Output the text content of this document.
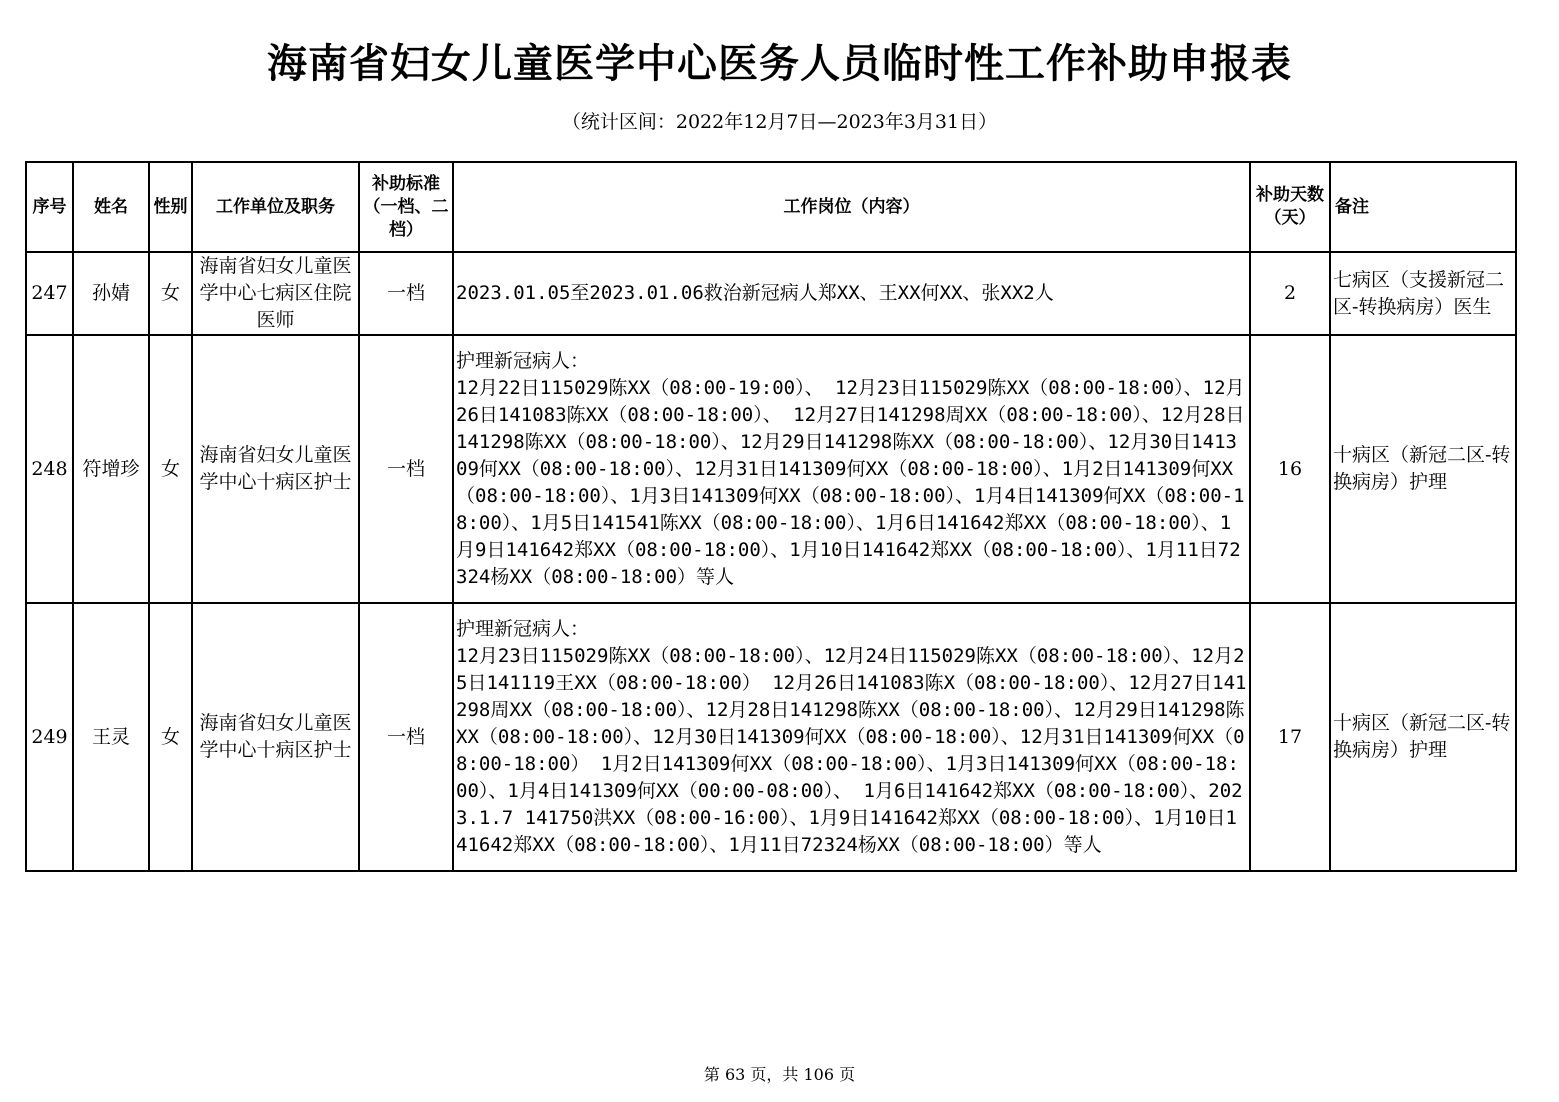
海南省妇女儿童医学中心医务人员临时性工作补助申报表
（统计区间：2022年12月7日—2023年3月31日）
序号	姓名	性别	工作单位及职务	补助标准（一档、二档）	工作岗位（内容）	补助天数（天）	备注
247	孙婧	女	海南省妇女儿童医学中心七病区住院医师	一档	2023.01.05至2023.01.06救治新冠病人郑XX、王XX何XX、张XX2人	2	七病区（支援新冠二区-转换病房）医生
248	符增珍	女	海南省妇女儿童医学中心十病区护士	一档	护理新冠病人：
12月22日115029陈XX（08:00-19:00）、 12月23日115029陈XX（08:00-18:00）、12月26日141083陈XX（08:00-18:00）、 12月27日141298周XX（08:00-18:00）、12月28日141298陈XX（08:00-18:00）、12月29日141298陈XX（08:00-18:00）、12月30日141309何XX（08:00-18:00）、12月31日141309何XX（08:00-18:00）、1月2日141309何XX（08:00-18:00）、1月3日141309何XX（08:00-18:00）、1月4日141309何XX（08:00-18:00）、1月5日141541陈XX（08:00-18:00）、1月6日141642郑XX（08:00-18:00）、1月9日141642郑XX（08:00-18:00）、1月10日141642郑XX（08:00-18:00）、1月11日72324杨XX（08:00-18:00）等人	16	十病区（新冠二区-转换病房）护理
249	王灵	女	海南省妇女儿童医学中心十病区护士	一档	护理新冠病人：
12月23日115029陈XX（08:00-18:00）、12月24日115029陈XX（08:00-18:00）、12月25日141119王XX（08:00-18:00） 12月26日141083陈X（08:00-18:00）、12月27日141298周XX（08:00-18:00）、12月28日141298陈XX（08:00-18:00）、12月29日141298陈XX（08:00-18:00）、12月30日141309何XX（08:00-18:00）、12月31日141309何XX（08:00-18:00） 1月2日141309何XX（08:00-18:00）、1月3日141309何XX（08:00-18:00）、1月4日141309何XX（00:00-08:00）、 1月6日141642郑XX（08:00-18:00）、2023.1.7 141750洪XX（08:00-16:00）、1月9日141642郑XX（08:00-18:00）、1月10日141642郑XX（08:00-18:00）、1月11日72324杨XX（08:00-18:00）等人	17	十病区（新冠二区-转换病房）护理
第 63 页，共 106 页
